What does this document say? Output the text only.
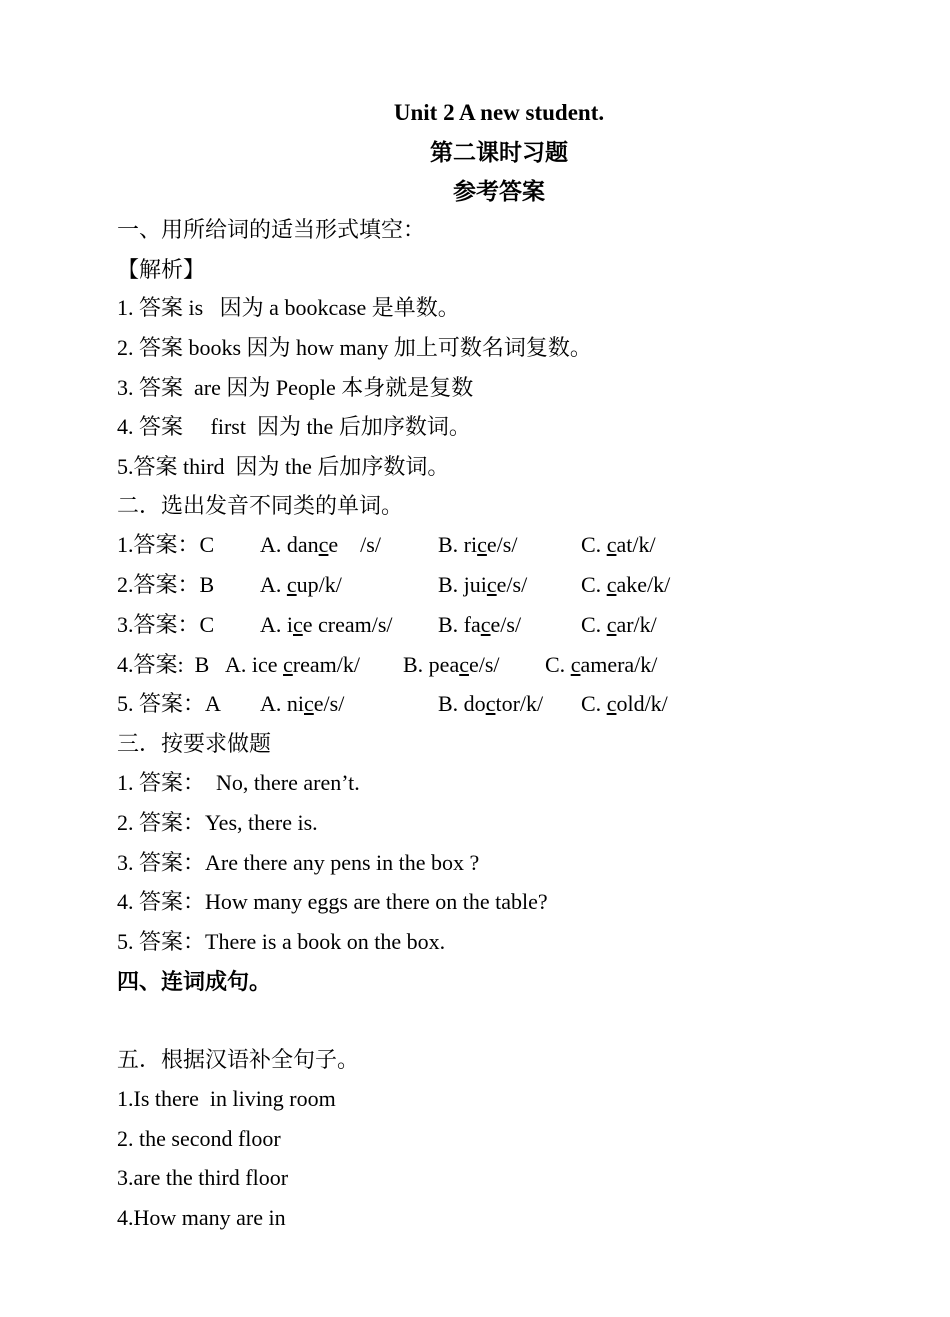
Unit 2 A new student.
第二课时习题
参考答案
一、用所给词的适当形式填空：
【解析】
1. 答案 is   因为 a bookcase 是单数。
2. 答案 books 因为 how many 加上可数名词复数。
3. 答案  are 因为 People 本身就是复数
4. 答案     first  因为 the 后加序数词。
5.答案 third  因为 the 后加序数词。
二．选出发音不同类的单词。
1.答案：C A. dance    /s/	B. rice/s/	C. cat/k/
2.答案：B A. cup/k/	B. juice/s/ C. cake/k/
3.答案：C A. ice cream/s/ B. face/s/	C. car/k/
4.答案:  B A. ice cream/k/ B. peace/s/ C. camera/k/
5. 答案：A A. nice/s/	B. doctor/k/ C. cold/k/
三．按要求做题
1. 答案：  No, there aren’t.
2. 答案：Yes, there is.
3. 答案：Are there any pens in the box ?
4. 答案：How many eggs are there on the table?
5. 答案：There is a book on the box.
四、连词成句。
五．根据汉语补全句子。
1.Is there  in living room
2. the second floor
3.are the third floor
4.How many are in
